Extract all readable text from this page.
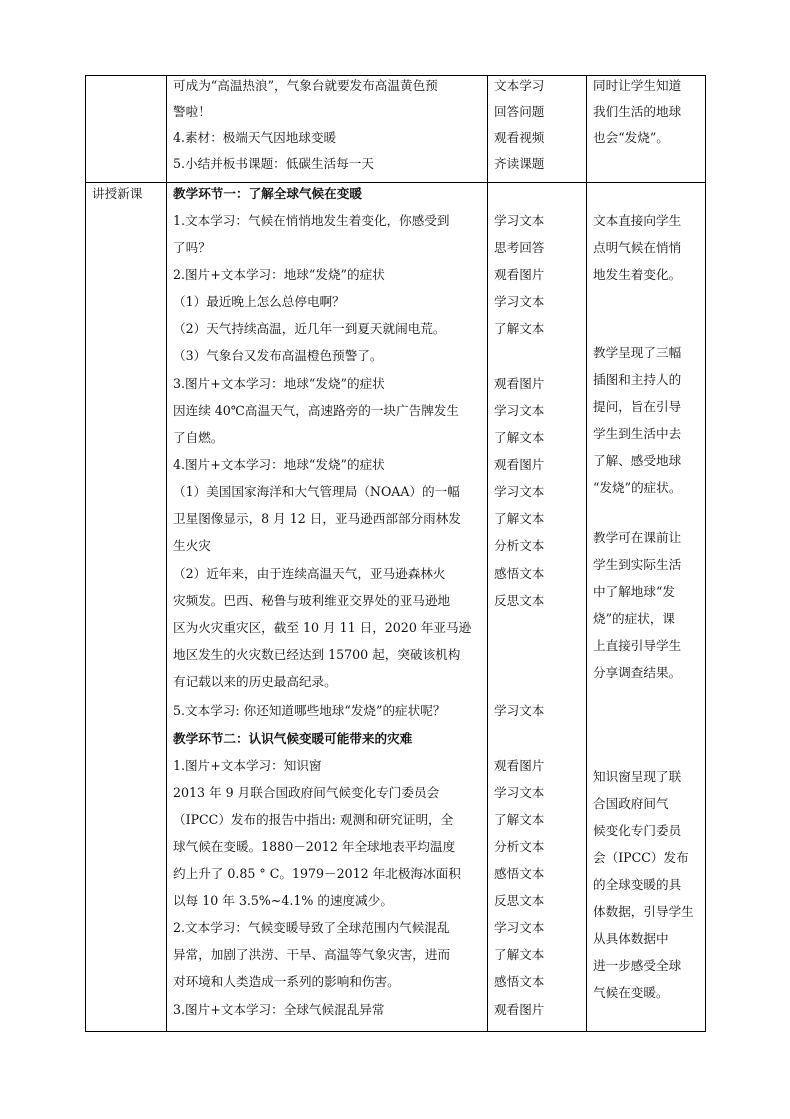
可成为“高温热浪”，气象台就要发布高温黄色预
警啦！
4.素材：极端天气因地球变暖
5.小结并板书课题：低碳生活每一天
文本学习
回答问题
观看视频
齐读课题
同时让学生知道
我们生活的地球
也会“发烧”。
讲授新课 教学环节一：了解全球气候在变暖
1.文本学习：气候在悄悄地发生着变化，你感受到
了吗？
2.图片+文本学习：地球“发烧”的症状
（1）最近晚上怎么总停电啊？
（2）天气持续高温，近几年一到夏天就闹电荒。
（3）气象台又发布高温橙色预警了。
3.图片+文本学习：地球“发烧”的症状
因连续 40℃高温天气，高速路旁的一块广告牌发生
了自燃。
4.图片+文本学习：地球“发烧”的症状
（1）美国国家海洋和大气管理局（NOAA）的一幅
卫星图像显示，8 月 12 日，亚马逊西部部分雨林发
生火灾
（2）近年来，由于连续高温天气，亚马逊森林火
灾频发。巴西、秘鲁与玻利维亚交界处的亚马逊地
区为火灾重灾区，截至 10 月 11 日，2020 年亚马逊
地区发生的火灾数已经达到 15700 起，突破该机构
有记载以来的历史最高纪录。
5.文本学习: 你还知道哪些地球“发烧”的症状呢？
教学环节二：认识气候变暖可能带来的灾难
1.图片+文本学习：知识窗
2013 年 9 月联合国政府间气候变化专门委员会
（IPCC）发布的报告中指出: 观测和研究证明，全
球气候在变暖。1880－2012 年全球地表平均温度
约上升了 0.85 ° C。1979－2012 年北极海冰面积
以每 10 年 3.5%~4.1% 的速度减少。
2.文本学习：气候变暖导致了全球范围内气候混乱
异常，加剧了洪涝、干旱、高温等气象灾害，进而
对环境和人类造成一系列的影响和伤害。
3.图片+文本学习：全球气候混乱异常
学习文本
思考回答
观看图片
学习文本
了解文本
观看图片
学习文本
了解文本
观看图片
学习文本
了解文本
分析文本
感悟文本
反思文本
学习文本
观看图片
学习文本
了解文本
分析文本
感悟文本
反思文本
学习文本
了解文本
感悟文本
观看图片
文本直接向学生
点明气候在悄悄
地发生着变化。
教学呈现了三幅
插图和主持人的
提问，旨在引导
学生到生活中去
了解、感受地球
“发烧”的症状。
教学可在课前让
学生到实际生活
中了解地球“发
烧”的症状，课
上直接引导学生
分享调查结果。
知识窗呈现了联
合国政府间气
候变化专门委员
会（IPCC）发布
的全球变暖的具
体数据，引导学生
从具体数据中
进一步感受全球
气候在变暖。
